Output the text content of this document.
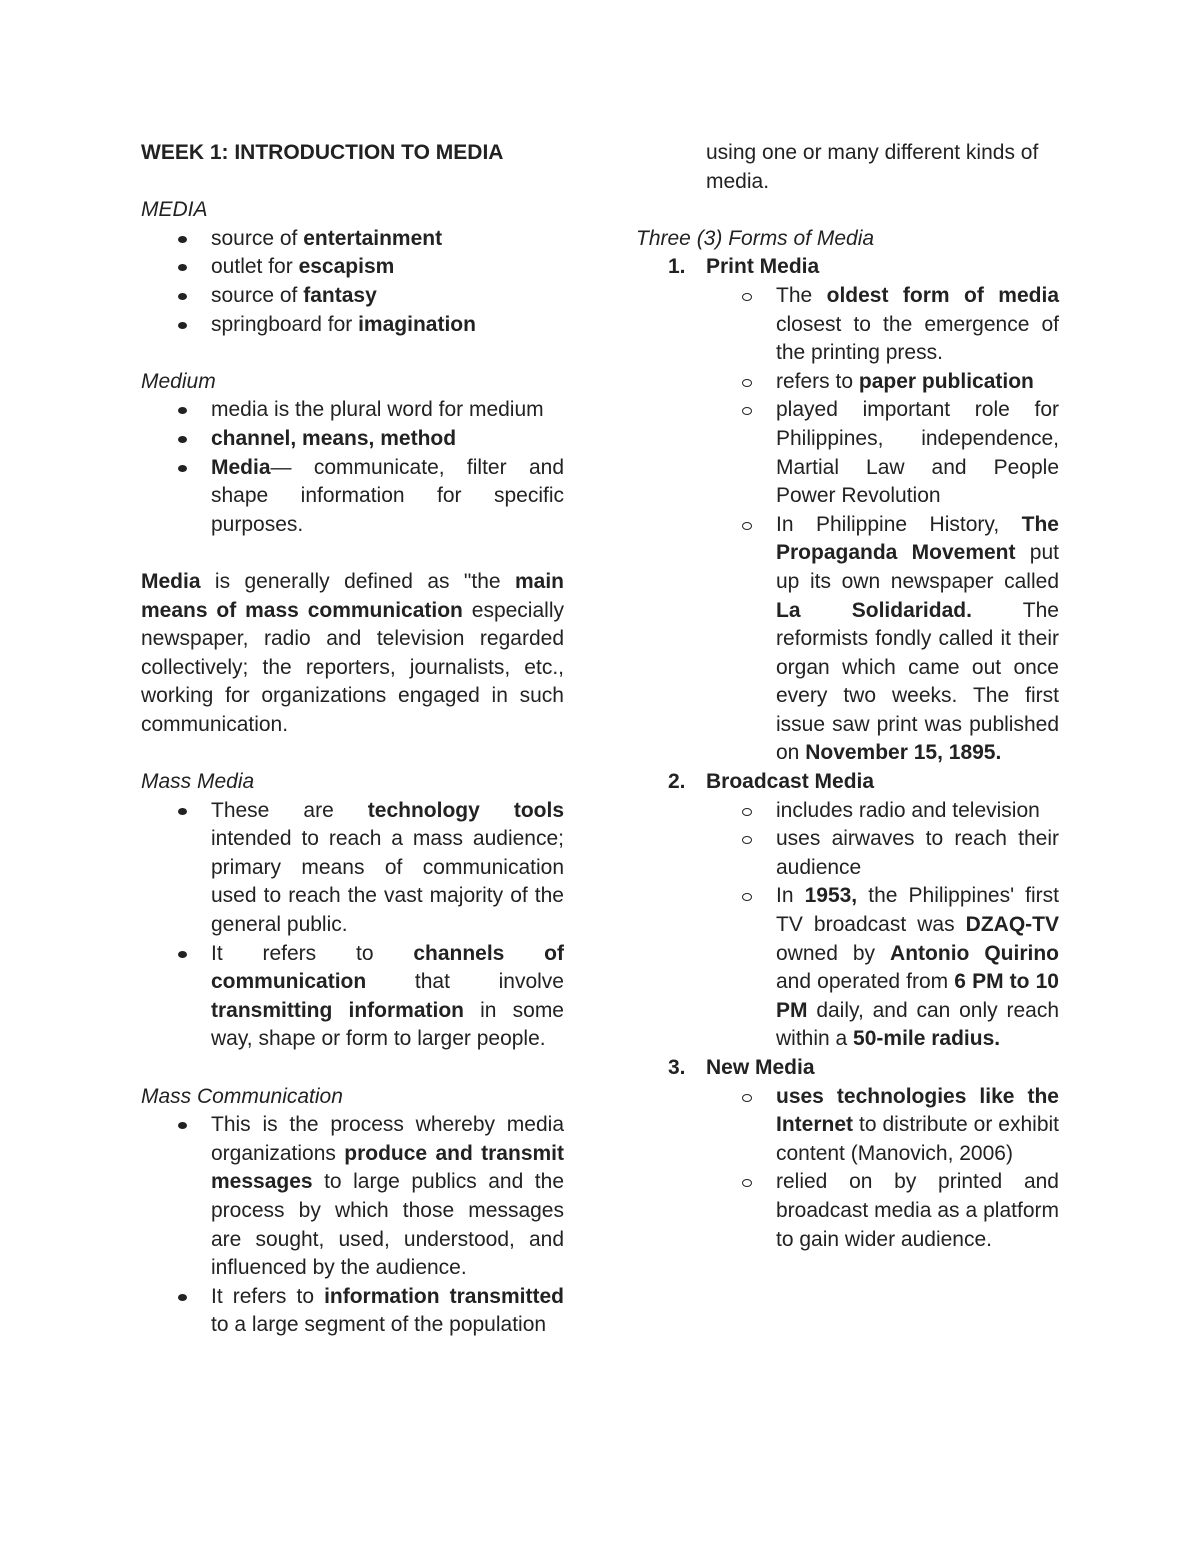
WEEK 1: INTRODUCTION TO MEDIA

MEDIA

source of entertainment
outlet for escapism
source of fantasy
springboard for imagination

Medium

media is the plural word for medium
channel, means, method
Media— communicate, filter and shape information for specific purposes.

Media is generally defined as "the main means of mass communication especially newspaper, radio and television regarded collectively; the reporters, journalists, etc., working for organizations engaged in such communication.

Mass Media

These are technology tools intended to reach a mass audience; primary means of communication used to reach the vast majority of the general public.
It refers to channels of communication that involve transmitting information in some way, shape or form to larger people.

Mass Communication

This is the process whereby media organizations produce and transmit messages to large publics and the process by which those messages are sought, used, understood, and influenced by the audience.
It refers to information transmitted to a large segment of the population

using one or many different kinds of media.

Three (3) Forms of Media

1. Print Media
The oldest form of media closest to the emergence of the printing press.
refers to paper publication
played important role for Philippines, independence, Martial Law and People Power Revolution
In Philippine History, The Propaganda Movement put up its own newspaper called La Solidaridad. The reformists fondly called it their organ which came out once every two weeks. The first issue saw print was published on November 15, 1895.
2. Broadcast Media
includes radio and television
uses airwaves to reach their audience
In 1953, the Philippines' first TV broadcast was DZAQ-TV owned by Antonio Quirino and operated from 6 PM to 10 PM daily, and can only reach within a 50-mile radius.
3. New Media
uses technologies like the Internet to distribute or exhibit content (Manovich, 2006)
relied on by printed and broadcast media as a platform to gain wider audience.
